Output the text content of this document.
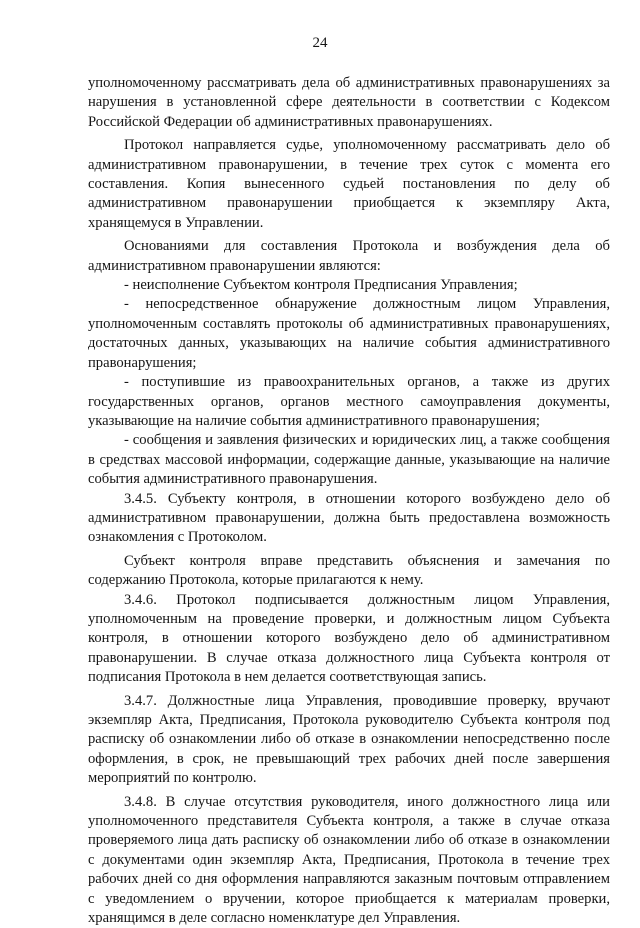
24

уполномоченному рассматривать дела об административных правонарушениях за нарушения в установленной сфере деятельности в соответствии с Кодексом Российской Федерации об административных правонарушениях.

Протокол направляется судье, уполномоченному рассматривать дело об административном правонарушении, в течение трех суток с момента его составления. Копия вынесенного судьей постановления по делу об административном правонарушении приобщается к экземпляру Акта, хранящемуся в Управлении.

Основаниями для составления Протокола и возбуждения дела об административном правонарушении являются:

- неисполнение Субъектом контроля Предписания Управления;

- непосредственное обнаружение должностным лицом Управления, уполномоченным составлять протоколы об административных правонарушениях, достаточных данных, указывающих на наличие события административного правонарушения;

- поступившие из правоохранительных органов, а также из других государственных органов, органов местного самоуправления документы, указывающие на наличие события административного правонарушения;

- сообщения и заявления физических и юридических лиц, а также сообщения в средствах массовой информации, содержащие данные, указывающие на наличие события административного правонарушения.

3.4.5. Субъекту контроля, в отношении которого возбуждено дело об административном правонарушении, должна быть предоставлена возможность ознакомления с Протоколом.

Субъект контроля вправе представить объяснения и замечания по содержанию Протокола, которые прилагаются к нему.

3.4.6. Протокол подписывается должностным лицом Управления, уполномоченным на проведение проверки, и должностным лицом Субъекта контроля, в отношении которого возбуждено дело об административном правонарушении. В случае отказа должностного лица Субъекта контроля от подписания Протокола в нем делается соответствующая запись.

3.4.7. Должностные лица Управления, проводившие проверку, вручают экземпляр Акта, Предписания, Протокола руководителю Субъекта контроля под расписку об ознакомлении либо об отказе в ознакомлении непосредственно после оформления, в срок, не превышающий трех рабочих дней после завершения мероприятий по контролю.

3.4.8. В случае отсутствия руководителя, иного должностного лица или уполномоченного представителя Субъекта контроля, а также в случае отказа проверяемого лица дать расписку об ознакомлении либо об отказе в ознакомлении с документами один экземпляр Акта, Предписания, Протокола в течение трех рабочих дней со дня оформления направляются заказным почтовым отправлением с уведомлением о вручении, которое приобщается к материалам проверки, хранящимся в деле согласно номенклатуре дел Управления.
